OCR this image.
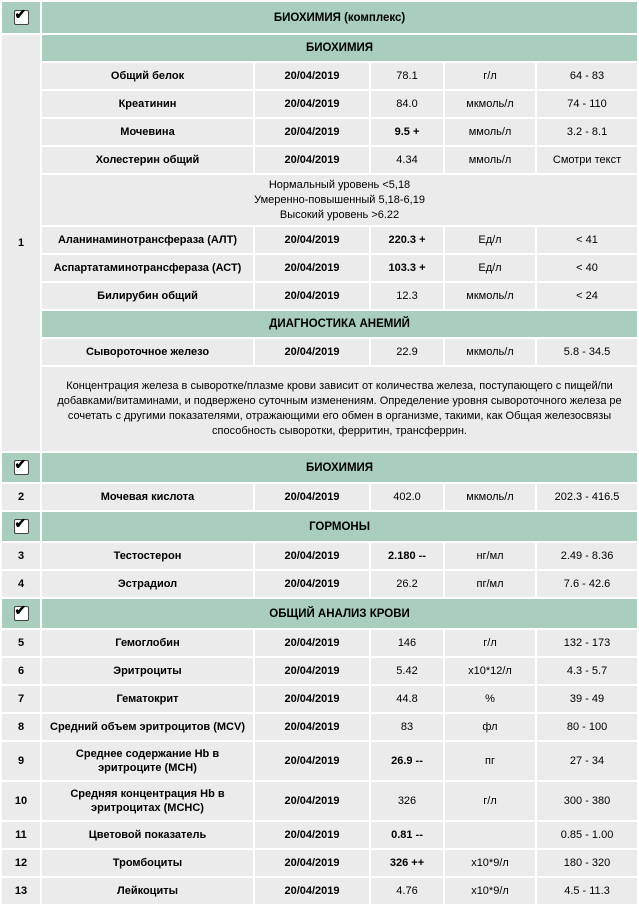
✔	БИОХИМИЯ (комплекс)				
1	БИОХИМИЯ				
	Общий белок	20/04/2019	78.1	г/л	64 - 83
	Креатинин	20/04/2019	84.0	мкмоль/л	74 - 110
	Мочевина	20/04/2019	9.5 +	ммоль/л	3.2 - 8.1
	Холестерин общий	20/04/2019	4.34	ммоль/л	Смотри текст

	Нормальный уровень <5,18
Умеренно-повышенный 5,18-6,19
Высокий уровень >6.22				

	Аланинаминотрансфераза (АЛТ)	20/04/2019	220.3 +	Ед/л	< 41
	Аспартатаминотрансфераза (АСТ)	20/04/2019	103.3 +	Ед/л	< 40
	Билирубин общий	20/04/2019	12.3	мкмоль/л	< 24
	ДИАГНОСТИКА АНЕМИЙ				
	Сывороточное железо	20/04/2019	22.9	мкмоль/л	5.8 - 34.5

	Концентрация железа в сыворотке/плазме крови зависит от количества железа, поступающего с пищей/пи
добавками/витаминами, и подвержено суточным изменениям. Определение уровня сывороточного железа ре
сочетать с другими показателями, отражающими его обмен в организме, такими, как Общая железосвязы
способность сыворотки, ферритин, трансферрин.				

✔	БИОХИМИЯ				
2	Мочевая кислота	20/04/2019	402.0	мкмоль/л	202.3 - 416.5

✔	ГОРМОНЫ				
3	Тестостерон	20/04/2019	2.180 --	нг/мл	2.49 - 8.36
4	Эстрадиол	20/04/2019	26.2	пг/мл	7.6 - 42.6

✔	ОБЩИЙ АНАЛИЗ КРОВИ				
5	Гемоглобин	20/04/2019	146	г/л	132 - 173
6	Эритроциты	20/04/2019	5.42	х10*12/л	4.3 - 5.7
7	Гематокрит	20/04/2019	44.8	%	39 - 49
8	Средний объем эритроцитов (MCV)	20/04/2019	83	фл	80 - 100
9	Среднее содержание Hb в эритроците (MCH)	20/04/2019	26.9 --	пг	27 - 34
10	Средняя концентрация Hb в эритроцитах (MCHC)	20/04/2019	326	г/л	300 - 380
11	Цветовой показатель	20/04/2019	0.81 --		0.85 - 1.00
12	Тромбоциты	20/04/2019	326 ++	х10*9/л	180 - 320
13	Лейкоциты	20/04/2019	4.76	х10*9/л	4.5 - 11.3
